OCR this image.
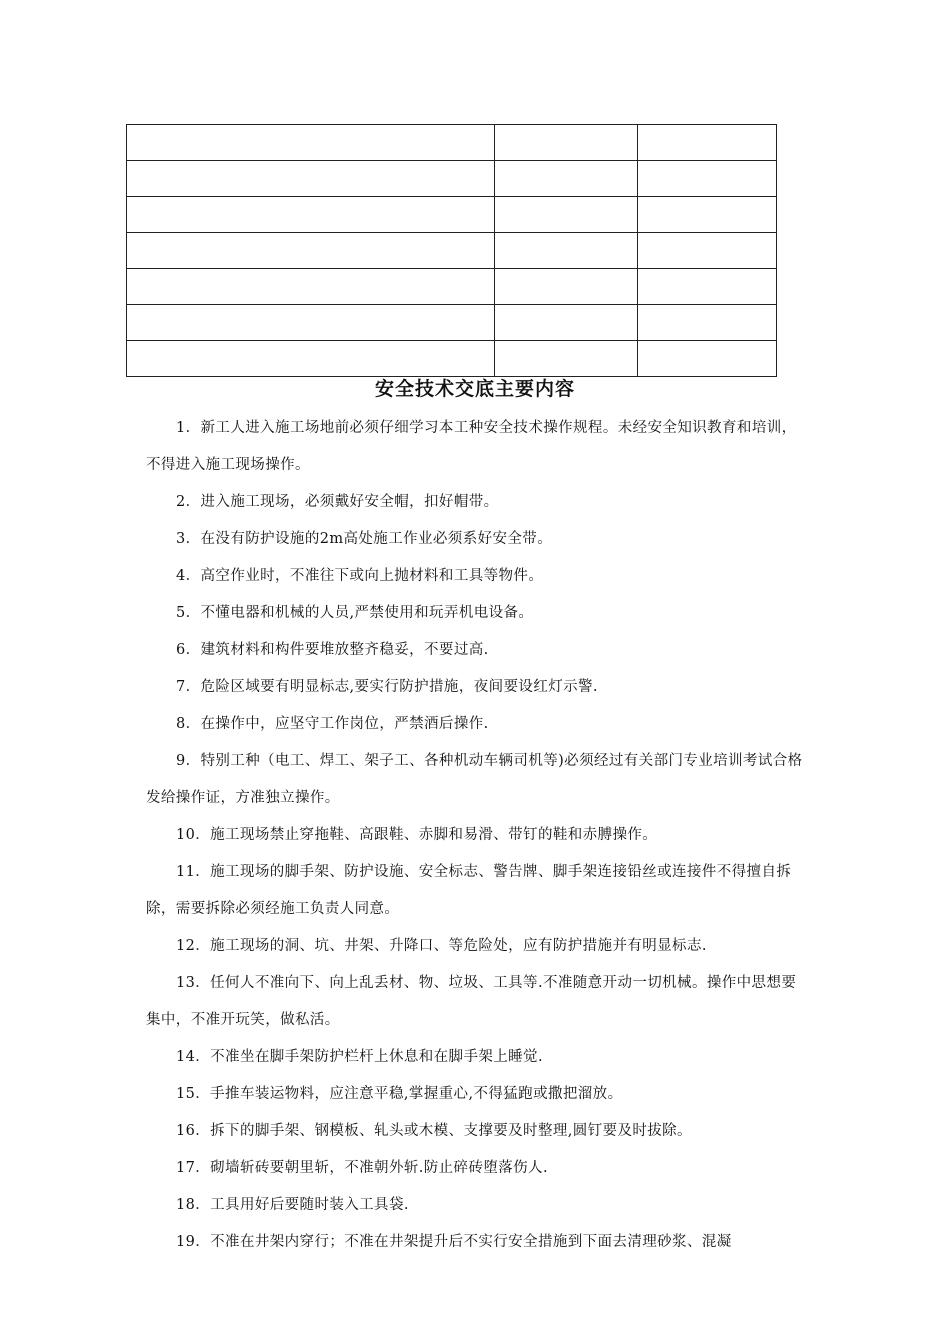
安全技术交底主要内容

1．新工人进入施工场地前必须仔细学习本工种安全技术操作规程。未经安全知识教育和培训，不得进入施工现场操作。

2．进入施工现场，必须戴好安全帽，扣好帽带。

3．在没有防护设施的2m高处施工作业必须系好安全带。

4．高空作业时，不准往下或向上抛材料和工具等物件。

5．不懂电器和机械的人员,严禁使用和玩弄机电设备。

6．建筑材料和构件要堆放整齐稳妥，不要过高.

7．危险区域要有明显标志,要实行防护措施，夜间要设红灯示警.

8．在操作中，应坚守工作岗位，严禁酒后操作.

9．特别工种（电工、焊工、架子工、各种机动车辆司机等)必须经过有关部门专业培训考试合格发给操作证，方准独立操作。

10．施工现场禁止穿拖鞋、高跟鞋、赤脚和易滑、带钉的鞋和赤膊操作。

11．施工现场的脚手架、防护设施、安全标志、警告牌、脚手架连接铅丝或连接件不得擅自拆除，需要拆除必须经施工负责人同意。

12．施工现场的洞、坑、井架、升降口、等危险处，应有防护措施并有明显标志.

13．任何人不准向下、向上乱丢材、物、垃圾、工具等.不准随意开动一切机械。操作中思想要集中，不准开玩笑，做私活。

14．不准坐在脚手架防护栏杆上休息和在脚手架上睡觉.

15．手推车装运物料，应注意平稳,掌握重心,不得猛跑或撒把溜放。

16．拆下的脚手架、钢模板、轧头或木模、支撑要及时整理,圆钉要及时拔除。

17．砌墙斩砖要朝里斩，不准朝外斩.防止碎砖堕落伤人.

18．工具用好后要随时装入工具袋.

19．不准在井架内穿行；不准在井架提升后不实行安全措施到下面去清理砂浆、混凝
